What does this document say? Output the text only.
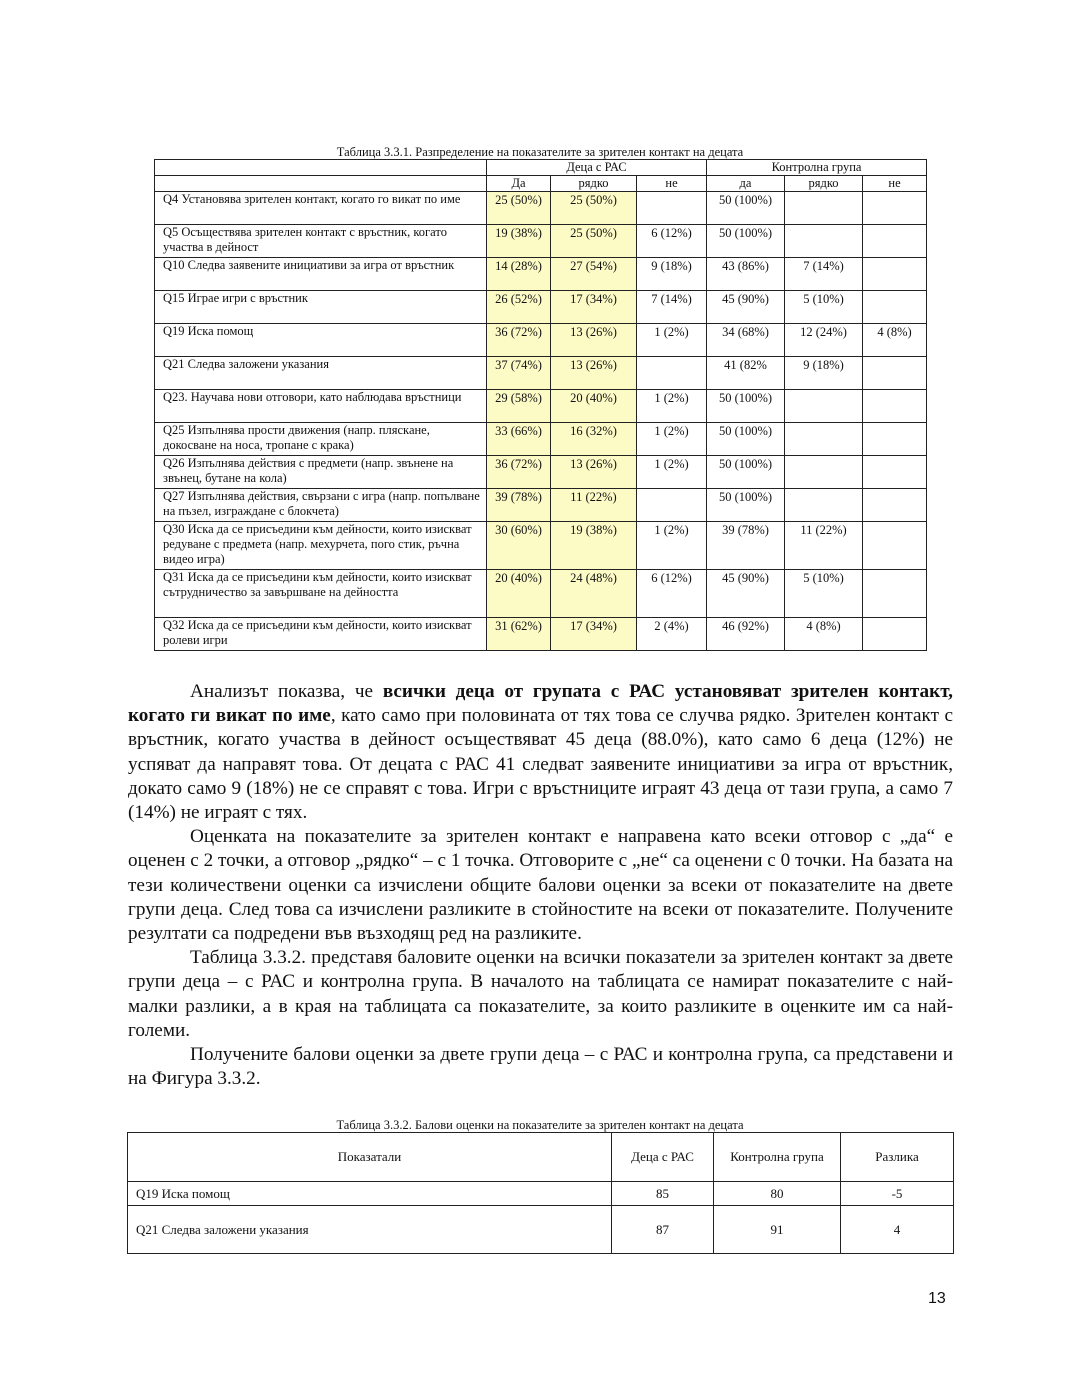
Таблица 3.3.1. Разпределение на показателите за зрителен контакт на децата
	Деца с РАС			Контролна група		
	Да	рядко	не	да	рядко	не
Q4 Установява зрителен контакт, когато го викат по име	25 (50%)	25 (50%)		50 (100%)		
Q5 Осъществява зрителен контакт с връстник, когато участва в дейност	19 (38%)	25 (50%)	6 (12%)	50 (100%)		
Q10 Следва заявените инициативи за игра от връстник	14 (28%)	27 (54%)	9 (18%)	43 (86%)	7 (14%)	
Q15 Играе игри с връстник	26 (52%)	17 (34%)	7 (14%)	45 (90%)	5 (10%)	
Q19 Иска помощ	36 (72%)	13 (26%)	1 (2%)	34 (68%)	12 (24%)	4 (8%)
Q21 Следва заложени указания	37 (74%)	13 (26%)		41 (82%	9 (18%)	
Q23. Научава нови отговори, като наблюдава връстници	29 (58%)	20 (40%)	1 (2%)	50 (100%)		
Q25 Изпълнява прости движения (напр. пляскане, докосване на носа, тропане с крака)	33 (66%)	16 (32%)	1 (2%)	50 (100%)		
Q26 Изпълнява действия с предмети (напр. звънене на звънец, бутане на кола)	36 (72%)	13 (26%)	1 (2%)	50 (100%)		
Q27 Изпълнява действия, свързани с игра (напр. попълване на пъзел, изграждане с блокчета)	39 (78%)	11 (22%)		50 (100%)		
Q30 Иска да се присъедини към дейности, които изискват редуване с предмета (напр. мехурчета, пого стик, ръчна видео игра)	30 (60%)	19 (38%)	1 (2%)	39 (78%)	11 (22%)	
Q31 Иска да се присъедини към дейности, които изискват сътрудничество за завършване на дейността	20 (40%)	24 (48%)	6 (12%)	45 (90%)	5 (10%)	
Q32 Иска да се присъедини към дейности, които изискват ролеви игри	31 (62%)	17 (34%)	2 (4%)	46 (92%)	4 (8%)	

Анализът показва, че всички деца от групата с РАС установяват зрителен контакт, когато ги викат по име, като само при половината от тях това се случва рядко. Зрителен контакт с връстник, когато участва в дейност осъществяват 45 деца (88.0%), като само 6 деца (12%) не успяват да направят това. От децата с РАС 41 следват заявените инициативи за игра от връстник, докато само 9 (18%) не се справят с това. Игри с връстниците играят 43 деца от тази група, а само 7 (14%) не играят с тях.

Оценката на показателите за зрителен контакт е направена като всеки отговор с „да“ е оценен с 2 точки, а отговор „рядко“ – с 1 точка. Отговорите с „не“ са оценени с 0 точки. На базата на тези количествени оценки са изчислени общите балови оценки за всеки от показателите на двете групи деца. След това са изчислени разликите в стойностите на всеки от показателите. Получените резултати са подредени във възходящ ред на разликите.

Таблица 3.3.2. представя баловите оценки на всички показатели за зрителен контакт за двете групи деца – с РАС и контролна група. В началото на таблицата се намират показателите с най-малки разлики, а в края на таблицата са показателите, за които разликите в оценките им са най-големи.

Получените балови оценки за двете групи деца – с РАС и контролна група, са представени и на Фигура 3.3.2.

Таблица 3.3.2. Балови оценки на показателите за зрителен контакт на децата
Показатали	Деца с РАС	Контролна група	Разлика
Q19 Иска помощ	85	80	-5
Q21 Следва заложени указания	87	91	4
13
